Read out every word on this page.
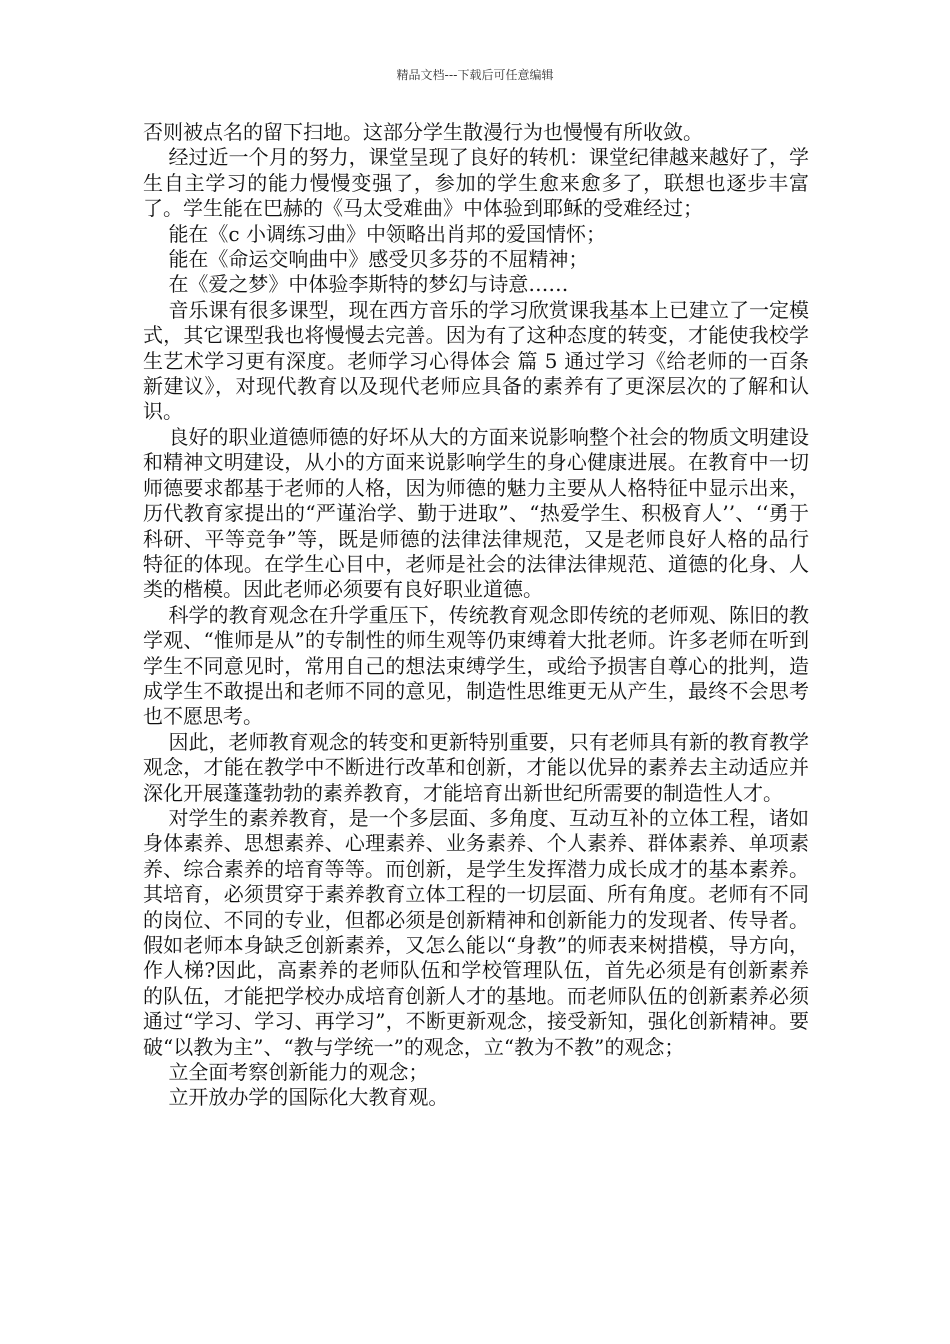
精品文档---下载后可任意编辑

否则被点名的留下扫地。这部分学生散漫行为也慢慢有所收敛。

经过近一个月的努力，课堂呈现了良好的转机：课堂纪律越来越好了，学生自主学习的能力慢慢变强了，参加的学生愈来愈多了，联想也逐步丰富了。学生能在巴赫的《马太受难曲》中体验到耶稣的受难经过；

能在《c 小调练习曲》中领略出肖邦的爱国情怀；

能在《命运交响曲中》感受贝多芬的不屈精神；

在《爱之梦》中体验李斯特的梦幻与诗意……

音乐课有很多课型，现在西方音乐的学习欣赏课我基本上已建立了一定模式，其它课型我也将慢慢去完善。因为有了这种态度的转变，才能使我校学生艺术学习更有深度。老师学习心得体会 篇 5 通过学习《给老师的一百条新建议》，对现代教育以及现代老师应具备的素养有了更深层次的了解和认识。

良好的职业道德师德的好坏从大的方面来说影响整个社会的物质文明建设和精神文明建设，从小的方面来说影响学生的身心健康进展。在教育中一切师德要求都基于老师的人格，因为师德的魅力主要从人格特征中显示出来，历代教育家提出的“严谨治学、勤于进取”、“热爱学生、积极育人’’、‘‘勇于科研、平等竞争”等，既是师德的法律法律规范，又是老师良好人格的品行特征的体现。在学生心目中，老师是社会的法律法律规范、道德的化身、人类的楷模。因此老师必须要有良好职业道德。

科学的教育观念在升学重压下，传统教育观念即传统的老师观、陈旧的教学观、“惟师是从”的专制性的师生观等仍束缚着大批老师。许多老师在听到学生不同意见时，常用自己的想法束缚学生，或给予损害自尊心的批判，造成学生不敢提出和老师不同的意见，制造性思维更无从产生，最终不会思考也不愿思考。

因此，老师教育观念的转变和更新特别重要，只有老师具有新的教育教学观念，才能在教学中不断进行改革和创新，才能以优异的素养去主动适应并深化开展蓬蓬勃勃的素养教育，才能培育出新世纪所需要的制造性人才。

对学生的素养教育，是一个多层面、多角度、互动互补的立体工程，诸如身体素养、思想素养、心理素养、业务素养、个人素养、群体素养、单项素养、综合素养的培育等等。而创新，是学生发挥潜力成长成才的基本素养。其培育，必须贯穿于素养教育立体工程的一切层面、所有角度。老师有不同的岗位、不同的专业，但都必须是创新精神和创新能力的发现者、传导者。假如老师本身缺乏创新素养，又怎么能以“身教”的师表来树措模，导方向，作人梯?因此，高素养的老师队伍和学校管理队伍，首先必须是有创新素养的队伍，才能把学校办成培育创新人才的基地。而老师队伍的创新素养必须通过“学习、学习、再学习”，不断更新观念，接受新知，强化创新精神。要破“以教为主”、“教与学统一”的观念，立“教为不教”的观念；

立全面考察创新能力的观念；

立开放办学的国际化大教育观。
